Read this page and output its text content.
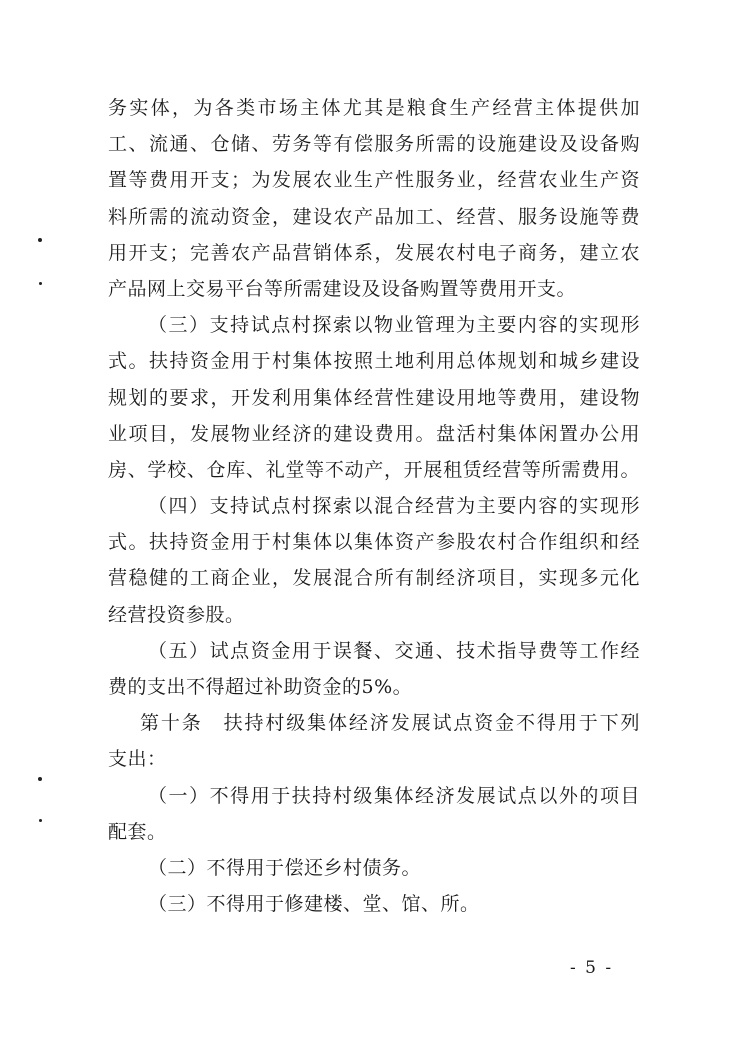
务实体，为各类市场主体尤其是粮食生产经营主体提供加
工、流通、仓储、劳务等有偿服务所需的设施建设及设备购
置等费用开支；为发展农业生产性服务业，经营农业生产资
料所需的流动资金，建设农产品加工、经营、服务设施等费
用开支；完善农产品营销体系，发展农村电子商务，建立农
产品网上交易平台等所需建设及设备购置等费用开支。
（三）支持试点村探索以物业管理为主要内容的实现形
式。扶持资金用于村集体按照土地利用总体规划和城乡建设
规划的要求，开发利用集体经营性建设用地等费用，建设物
业项目，发展物业经济的建设费用。盘活村集体闲置办公用
房、学校、仓库、礼堂等不动产，开展租赁经营等所需费用。
（四）支持试点村探索以混合经营为主要内容的实现形
式。扶持资金用于村集体以集体资产参股农村合作组织和经
营稳健的工商企业，发展混合所有制经济项目，实现多元化
经营投资参股。
（五）试点资金用于误餐、交通、技术指导费等工作经
费的支出不得超过补助资金的5%。
第十条　扶持村级集体经济发展试点资金不得用于下列
支出：
（一）不得用于扶持村级集体经济发展试点以外的项目
配套。
（二）不得用于偿还乡村债务。
（三）不得用于修建楼、堂、馆、所。
- 5 -
